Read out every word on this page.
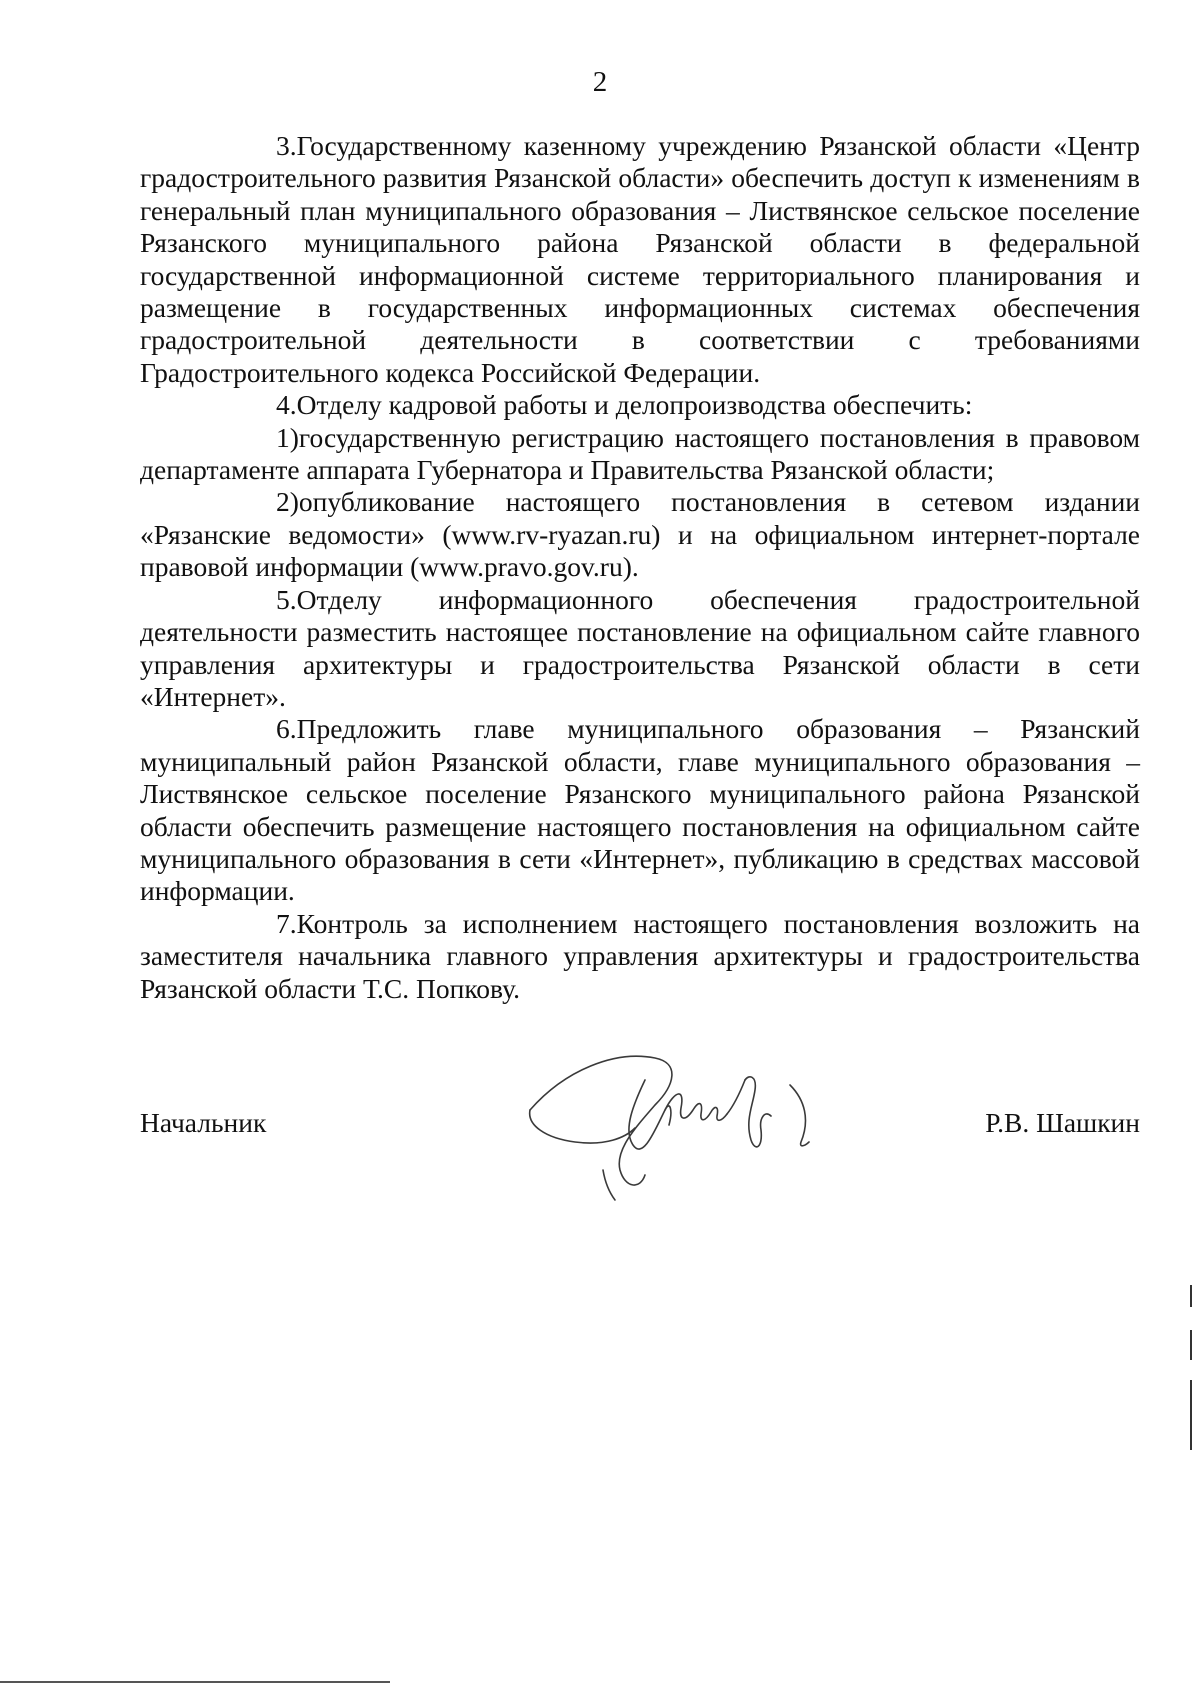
2

3.Государственному казенному учреждению Рязанской области «Центр градостроительного развития Рязанской области» обеспечить доступ к изменениям в генеральный план муниципального образования – Листвянское сельское поселение Рязанского муниципального района Рязанской области в федеральной государственной информационной системе территориального планирования и размещение в государственных информационных системах обеспечения градостроительной деятельности в соответствии с требованиями Градостроительного кодекса Российской Федерации.

4.Отделу кадровой работы и делопроизводства обеспечить:

1)государственную регистрацию настоящего постановления в правовом департаменте аппарата Губернатора и Правительства Рязанской области;

2)опубликование настоящего постановления в сетевом издании «Рязанские ведомости» (www.rv-ryazan.ru) и на официальном интернет-портале правовой информации (www.pravo.gov.ru).

5.Отделу информационного обеспечения градостроительной деятельности разместить настоящее постановление на официальном сайте главного управления архитектуры и градостроительства Рязанской области в сети «Интернет».

6.Предложить главе муниципального образования – Рязанский муниципальный район Рязанской области, главе муниципального образования – Листвянское сельское поселение Рязанского муниципального района Рязанской области обеспечить размещение настоящего постановления на официальном сайте муниципального образования в сети «Интернет», публикацию в средствах массовой информации.

7.Контроль за исполнением настоящего постановления возложить на заместителя начальника главного управления архитектуры и градостроительства Рязанской области Т.С. Попкову.

Начальник	Р.В. Шашкин
